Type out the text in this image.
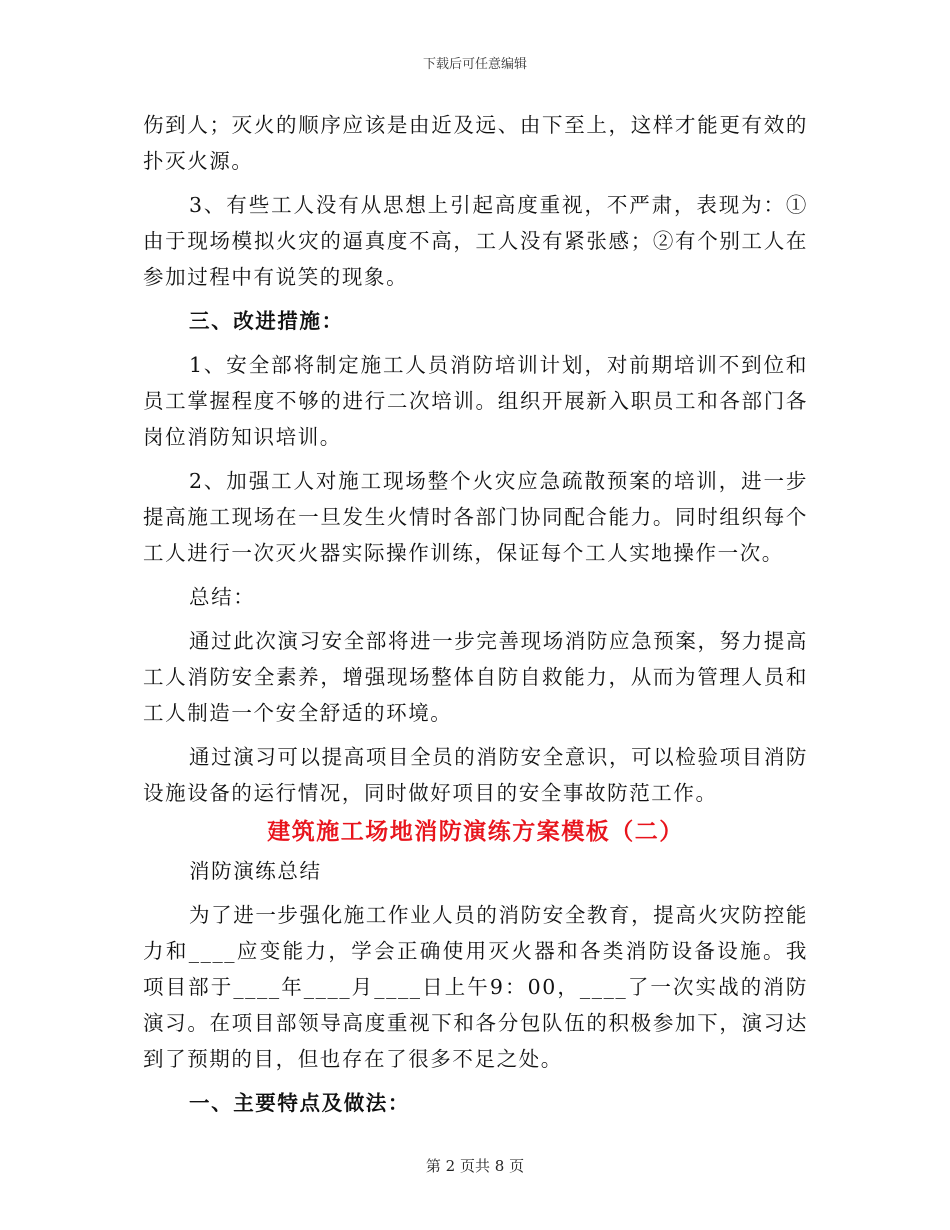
下载后可任意编辑

伤到人；灭火的顺序应该是由近及远、由下至上，这样才能更有效的扑灭火源。

3、有些工人没有从思想上引起高度重视，不严肃，表现为：①由于现场模拟火灾的逼真度不高，工人没有紧张感；②有个别工人在参加过程中有说笑的现象。

三、改进措施：

1、安全部将制定施工人员消防培训计划，对前期培训不到位和员工掌握程度不够的进行二次培训。组织开展新入职员工和各部门各岗位消防知识培训。

2、加强工人对施工现场整个火灾应急疏散预案的培训，进一步提高施工现场在一旦发生火情时各部门协同配合能力。同时组织每个工人进行一次灭火器实际操作训练，保证每个工人实地操作一次。

总结：

通过此次演习安全部将进一步完善现场消防应急预案，努力提高工人消防安全素养，增强现场整体自防自救能力，从而为管理人员和工人制造一个安全舒适的环境。

通过演习可以提高项目全员的消防安全意识，可以检验项目消防设施设备的运行情况，同时做好项目的安全事故防范工作。

建筑施工场地消防演练方案模板（二）

消防演练总结

为了进一步强化施工作业人员的消防安全教育，提高火灾防控能力和____应变能力，学会正确使用灭火器和各类消防设备设施。我项目部于____年____月____日上午9：00，____了一次实战的消防演习。在项目部领导高度重视下和各分包队伍的积极参加下，演习达到了预期的目，但也存在了很多不足之处。

一、主要特点及做法：

第 2 页共 8 页
